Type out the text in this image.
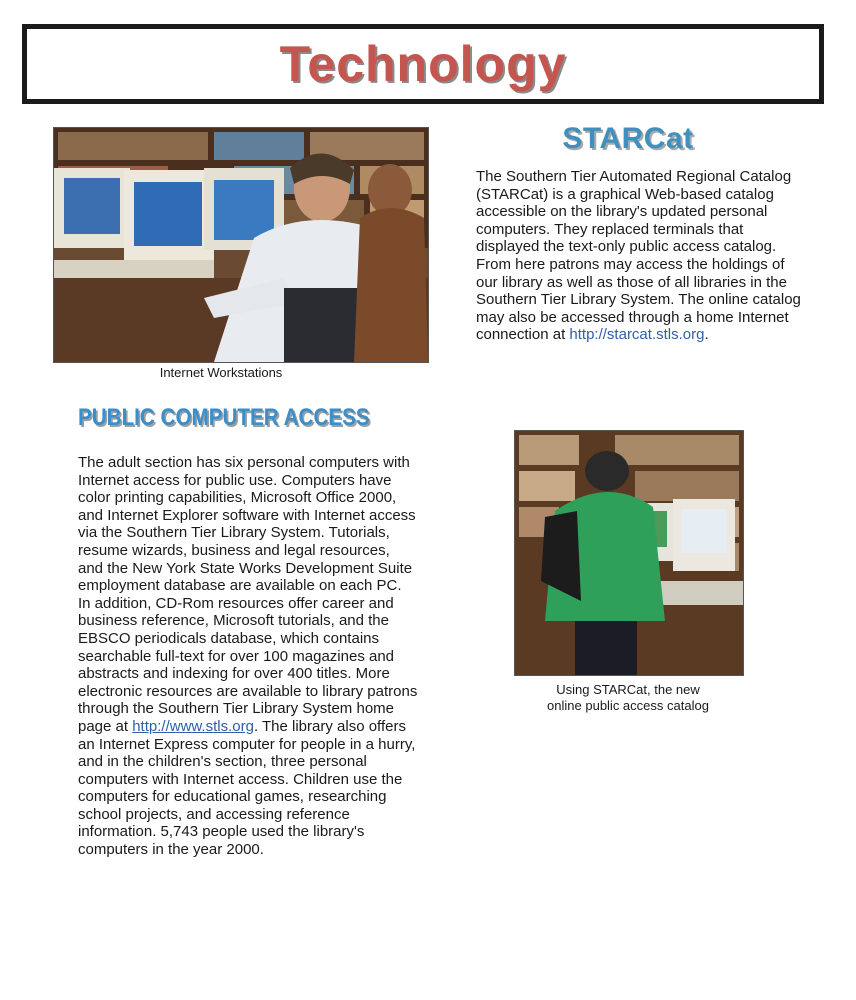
Technology
Internet Workstations
STARCat
The Southern Tier Automated Regional Catalog (STARCat) is a graphical Web-based catalog accessible on the library's updated personal computers. They replaced terminals that displayed the text-only public access catalog. From here patrons may access the holdings of our library as well as those of all libraries in the Southern Tier Library System. The online catalog may also be accessed through a home Internet connection at http://starcat.stls.org.
PUBLIC COMPUTER ACCESS
The adult section has six personal computers with Internet access for public use. Computers have color printing capabilities, Microsoft Office 2000, and Internet Explorer software with Internet access via the Southern Tier Library System. Tutorials, resume wizards, business and legal resources, and the New York State Works Development Suite employment database are available on each PC. In addition, CD-Rom resources offer career and business reference, Microsoft tutorials, and the EBSCO periodicals database, which contains searchable full-text for over 100 magazines and abstracts and indexing for over 400 titles. More electronic resources are available to library patrons through the Southern Tier Library System home page at http://www.stls.org. The library also offers an Internet Express computer for people in a hurry, and in the children's section, three personal computers with Internet access. Children use the computers for educational games, researching school projects, and accessing reference information. 5,743 people used the library's computers in the year 2000.
Using STARCat, the new
online public access catalog
